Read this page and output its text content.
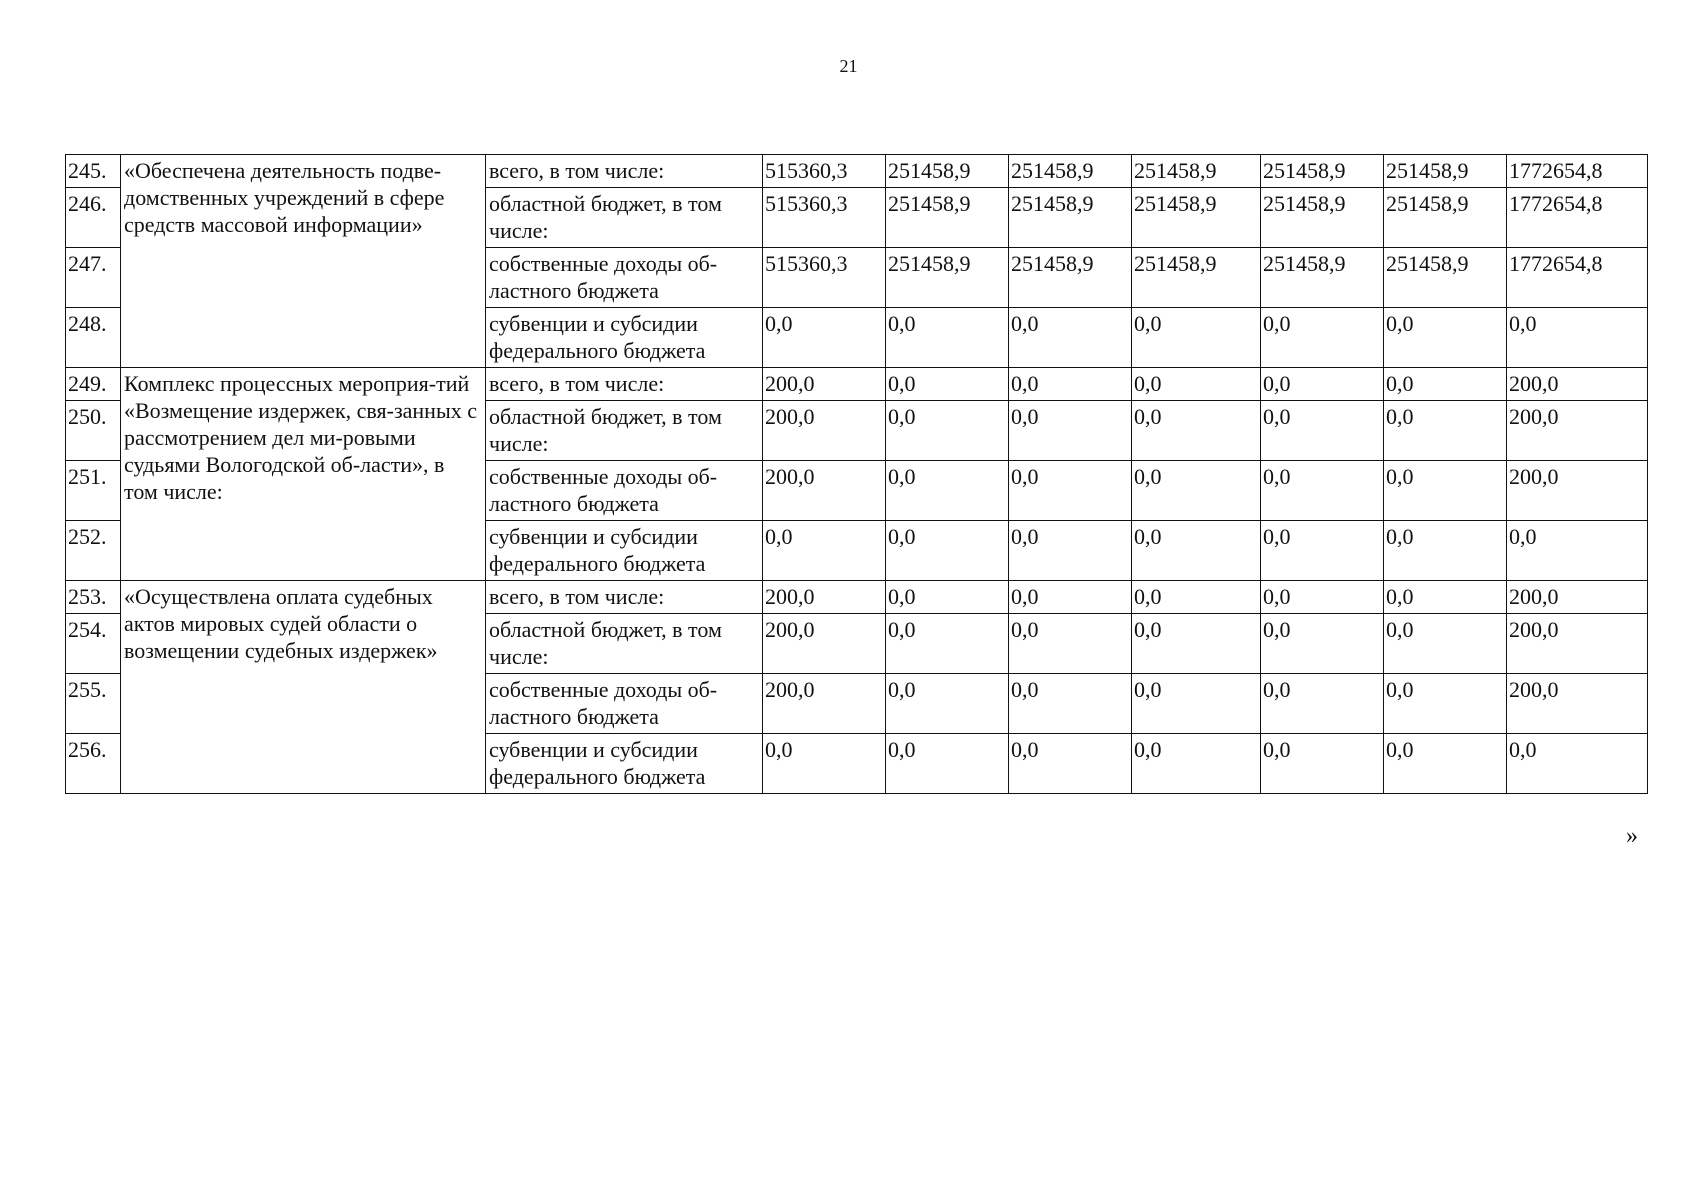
21
245.	«Обеспечена деятельность подве-домственных учреждений в сфере средств массовой информации»	всего, в том числе:	515360,3	251458,9	251458,9	251458,9	251458,9	251458,9	1772654,8
246.		областной бюджет, в том числе:	515360,3	251458,9	251458,9	251458,9	251458,9	251458,9	1772654,8
247.		собственные доходы об-ластного бюджета	515360,3	251458,9	251458,9	251458,9	251458,9	251458,9	1772654,8
248.		субвенции и субсидии федерального бюджета	0,0	0,0	0,0	0,0	0,0	0,0	0,0
249.	Комплекс процессных мероприя-тий «Возмещение издержек, свя-занных с рассмотрением дел ми-ровыми судьями Вологодской об-ласти», в том числе:	всего, в том числе:	200,0	0,0	0,0	0,0	0,0	0,0	200,0
250.		областной бюджет, в том числе:	200,0	0,0	0,0	0,0	0,0	0,0	200,0
251.		собственные доходы об-ластного бюджета	200,0	0,0	0,0	0,0	0,0	0,0	200,0
252.		субвенции и субсидии федерального бюджета	0,0	0,0	0,0	0,0	0,0	0,0	0,0
253.	«Осуществлена оплата судебных актов мировых судей области о возмещении судебных издержек»	всего, в том числе:	200,0	0,0	0,0	0,0	0,0	0,0	200,0
254.		областной бюджет, в том числе:	200,0	0,0	0,0	0,0	0,0	0,0	200,0
255.		собственные доходы об-ластного бюджета	200,0	0,0	0,0	0,0	0,0	0,0	200,0
256.		субвенции и субсидии федерального бюджета	0,0	0,0	0,0	0,0	0,0	0,0	0,0
»
